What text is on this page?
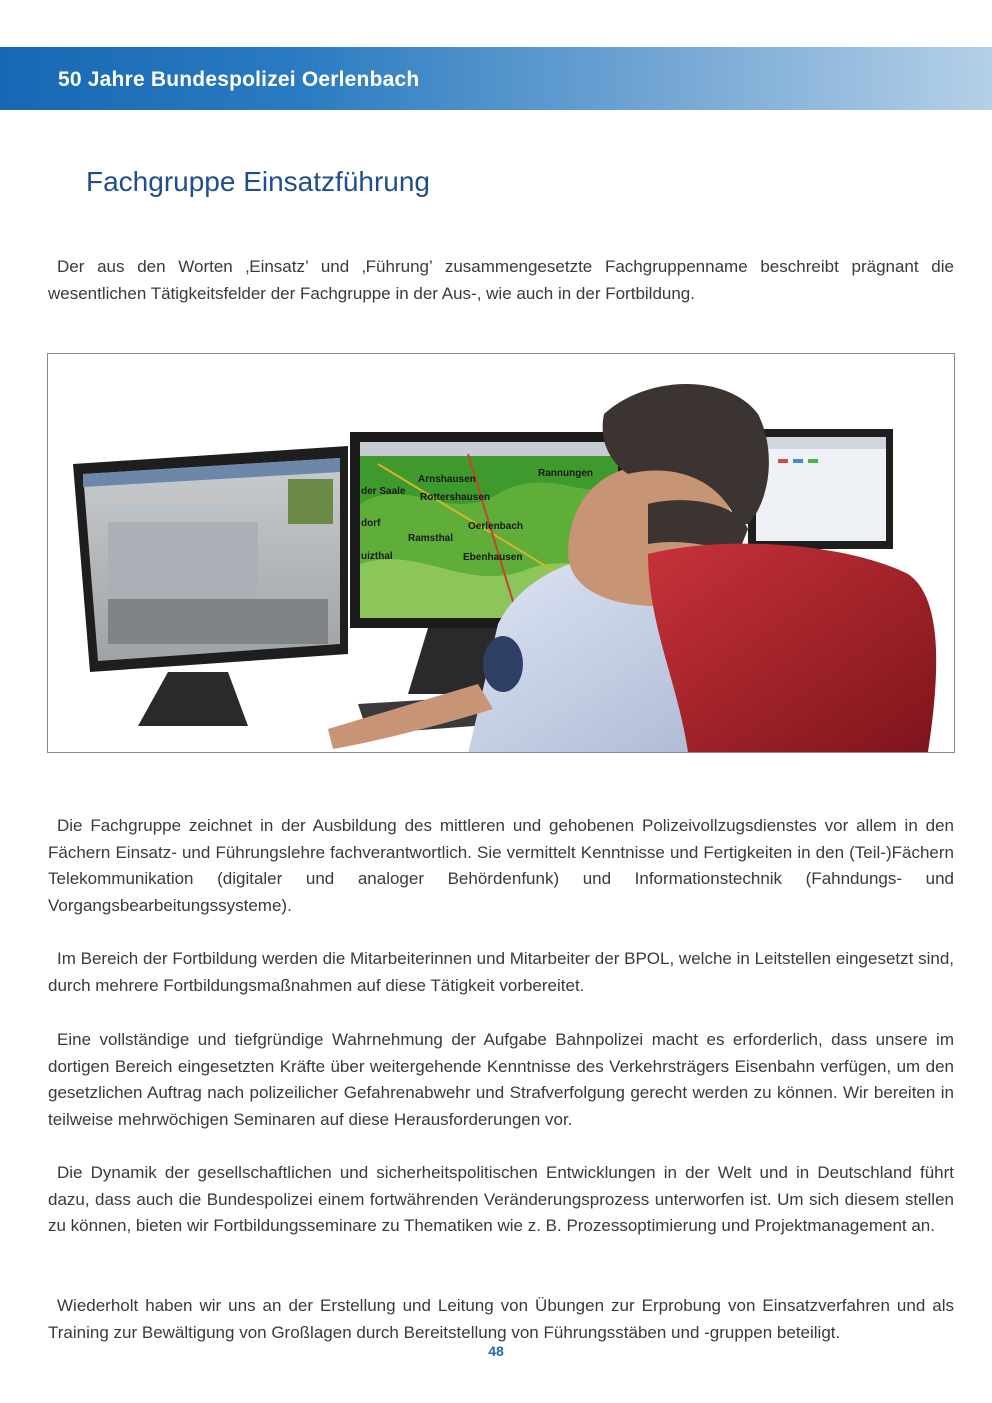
50 Jahre Bundespolizei Oerlenbach
Fachgruppe Einsatzführung

Der aus den Worten ‚Einsatz’ und ‚Führung’ zusammengesetzte Fachgruppenname beschreibt prägnant die wesentlichen Tätigkeitsfelder der Fachgruppe in der Aus-, wie auch in der Fortbildung.

Arnshausen
Rottershausen
Oerlenbach
Ramsthal
Ebenhausen
Rannungen
der Saale
dorf
uizthal

Die Fachgruppe zeichnet in der Ausbildung des mittleren und gehobenen Polizeivollzugsdienstes vor allem in den Fächern Einsatz- und Führungslehre fachverantwortlich. Sie vermittelt Kenntnisse und Fertigkeiten in den (Teil-)Fächern Telekommunikation (digitaler und analoger Behördenfunk) und Informationstechnik (Fahndungs- und Vorgangsbearbeitungssysteme).

Im Bereich der Fortbildung werden die Mitarbeiterinnen und Mitarbeiter der BPOL, welche in Leitstellen eingesetzt sind, durch mehrere Fortbildungsmaßnahmen auf diese Tätigkeit vorbereitet.

Eine vollständige und tiefgründige Wahrnehmung der Aufgabe Bahnpolizei macht es erforderlich, dass unsere im dortigen Bereich eingesetzten Kräfte über weitergehende Kenntnisse des Verkehrsträgers Eisenbahn verfügen, um den gesetzlichen Auftrag nach polizeilicher Gefahrenabwehr und Strafverfolgung gerecht werden zu können. Wir bereiten in teilweise mehrwöchigen Seminaren auf diese Herausforderungen vor.

Die Dynamik der gesellschaftlichen und sicherheitspolitischen Entwicklungen in der Welt und in Deutschland führt dazu, dass auch die Bundespolizei einem fortwährenden Veränderungsprozess unterworfen ist. Um sich diesem stellen zu können, bieten wir Fortbildungsseminare zu Thematiken wie z. B. Prozessoptimierung und Projektmanagement an.

Wiederholt haben wir uns an der Erstellung und Leitung von Übungen zur Erprobung von Einsatzverfahren und als Training zur Bewältigung von Großlagen durch Bereitstellung von Führungsstäben und -gruppen beteiligt.

48
